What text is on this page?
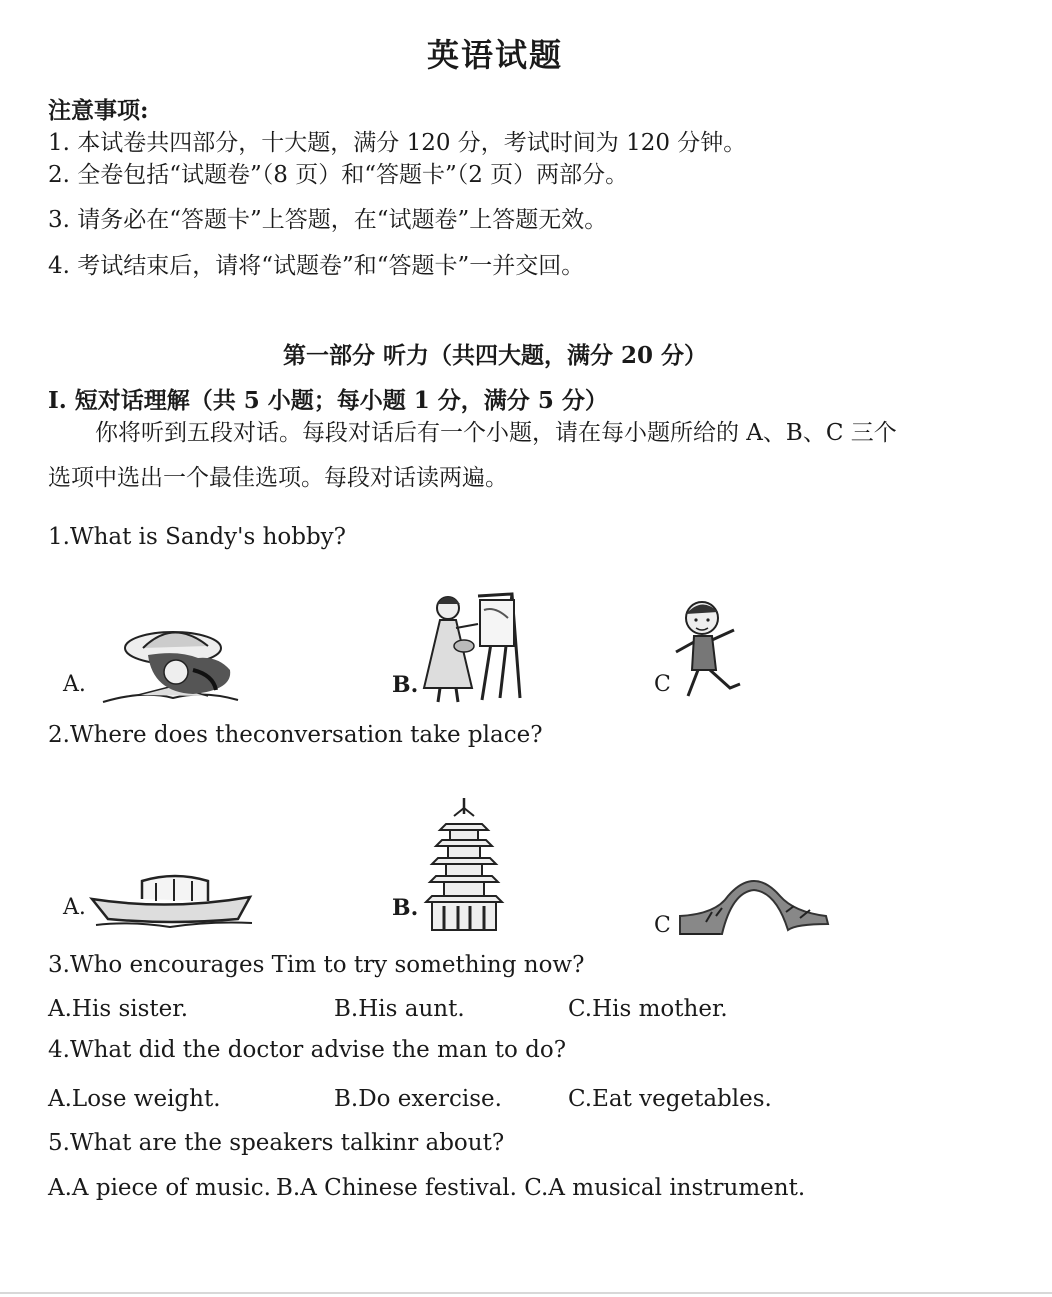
英语试题
注意事项:
1. 本试卷共四部分，十大题，满分 120 分，考试时间为 120 分钟。
2. 全卷包括“试题卷”（8 页）和“答题卡”（2 页）两部分。
3. 请务必在“答题卡”上答题，在“试题卷”上答题无效。
4. 考试结束后，请将“试题卷”和“答题卡”一并交回。
第一部分 听力（共四大题，满分 20 分）
I. 短对话理解（共 5 小题；每小题 1 分，满分 5 分）
你将听到五段对话。每段对话后有一个小题，请在每小题所给的 A、B、C 三个
选项中选出一个最佳选项。每段对话读两遍。
1.What is Sandy's hobby?
A.	B.	C
2.Where does theconversation take place?
A.	B.
C
3.Who encourages Tim to try something now?
A.His sister.	B.His aunt.	C.His mother.
4.What did the doctor advise the man to do?
A.Lose weight.	B.Do exercise.	C.Eat vegetables.
5.What are the speakers talkinr about?
A.A piece of music. B.A Chinese festival. C.A musical instrument.
